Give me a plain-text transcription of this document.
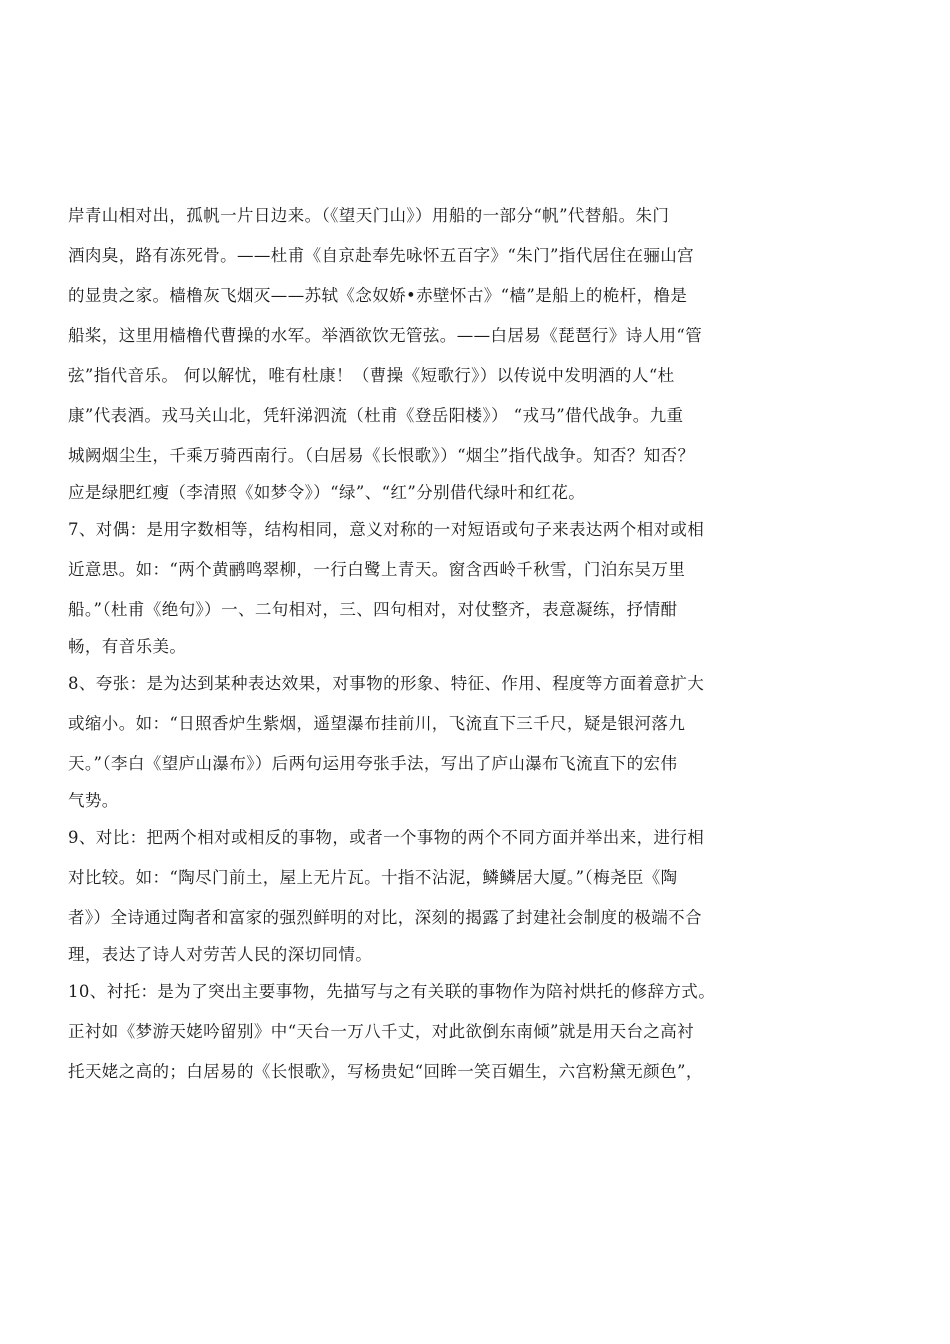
岸青山相对出，孤帆一片日边来。（《望天门山》）用船的一部分“帆”代替船。朱门
酒肉臭，路有冻死骨。——杜甫《自京赴奉先咏怀五百字》“朱门”指代居住在骊山宫
的显贵之家。樯橹灰飞烟灭——苏轼《念奴娇•赤壁怀古》“樯”是船上的桅杆，橹是
船桨，这里用樯橹代曹操的水军。举酒欲饮无管弦。——白居易《琵琶行》诗人用“管
弦”指代音乐。 何以解忧，唯有杜康！（曹操《短歌行》）以传说中发明酒的人“杜
康”代表酒。戎马关山北，凭轩涕泗流（杜甫《登岳阳楼》） “戎马”借代战争。九重
城阙烟尘生，千乘万骑西南行。（白居易《长恨歌》）“烟尘”指代战争。知否？知否？
应是绿肥红瘦（李清照《如梦令》）“绿”、“红”分别借代绿叶和红花。
7、对偶：是用字数相等，结构相同，意义对称的一对短语或句子来表达两个相对或相
近意思。如：“两个黄鹂鸣翠柳，一行白鹭上青天。窗含西岭千秋雪，门泊东吴万里
船。”（杜甫《绝句》）一、二句相对，三、四句相对，对仗整齐，表意凝练，抒情酣
畅，有音乐美。
8、夸张：是为达到某种表达效果，对事物的形象、特征、作用、程度等方面着意扩大
或缩小。如：“日照香炉生紫烟，遥望瀑布挂前川，飞流直下三千尺，疑是银河落九
天。”（李白《望庐山瀑布》）后两句运用夸张手法，写出了庐山瀑布飞流直下的宏伟
气势。
9、对比：把两个相对或相反的事物，或者一个事物的两个不同方面并举出来，进行相
对比较。如：“陶尽门前土，屋上无片瓦。十指不沾泥，鳞鳞居大厦。”（梅尧臣《陶
者》）全诗通过陶者和富家的强烈鲜明的对比，深刻的揭露了封建社会制度的极端不合
理，表达了诗人对劳苦人民的深切同情。
10、衬托：是为了突出主要事物，先描写与之有关联的事物作为陪衬烘托的修辞方式。
正衬如《梦游天姥吟留别》中“天台一万八千丈，对此欲倒东南倾”就是用天台之高衬
托天姥之高的；白居易的《长恨歌》，写杨贵妃“回眸一笑百媚生，六宫粉黛无颜色”，
